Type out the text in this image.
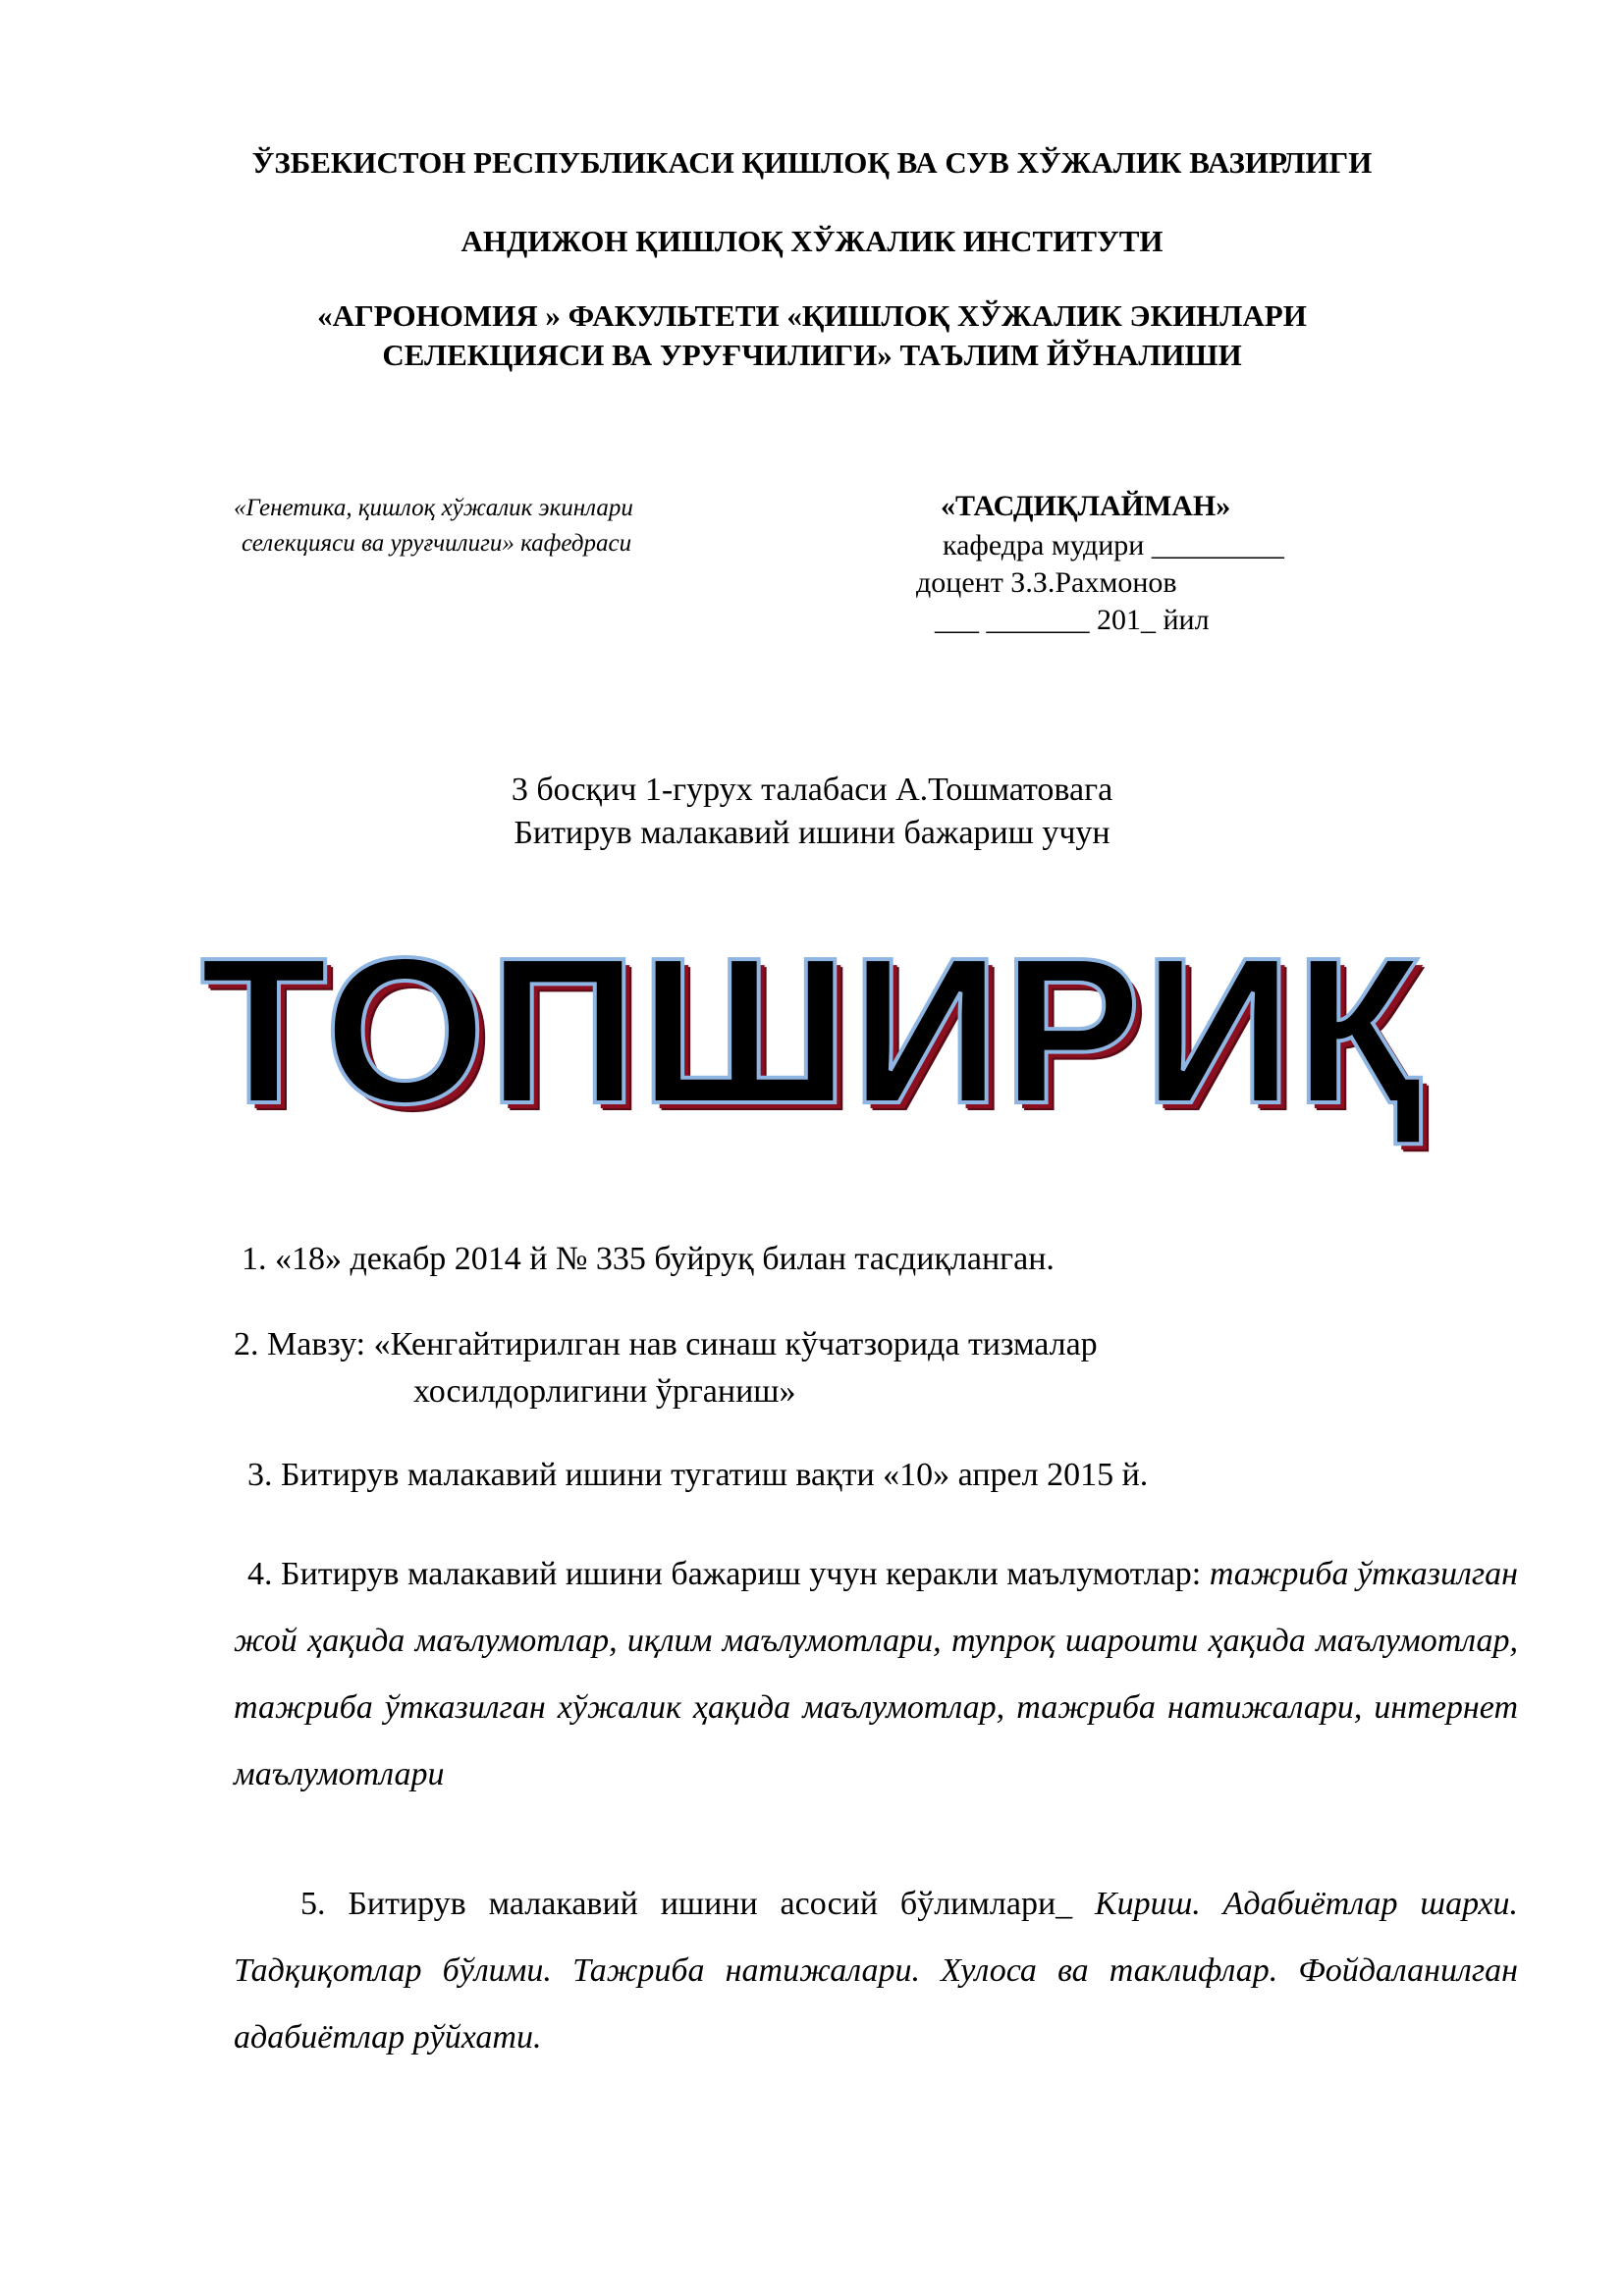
ЎЗБЕКИСТОН РЕСПУБЛИКАСИ ҚИШЛОҚ ВА СУВ ХЎЖАЛИК ВАЗИРЛИГИ
АНДИЖОН ҚИШЛОҚ ХЎЖАЛИК ИНСТИТУТИ
«АГРОНОМИЯ » ФАКУЛЬТЕТИ «ҚИШЛОҚ ХЎЖАЛИК ЭКИНЛАРИ
СЕЛЕКЦИЯСИ ВА УРУҒЧИЛИГИ» ТАЪЛИМ ЙЎНАЛИШИ
«Генетика, қишлоқ хўжалик экинлари
селекцияси ва уруғчилиги» кафедраси
«ТАСДИҚЛАЙМАН»
кафедра мудири _________
доцент З.З.Рахмонов
___ _______ 201_ йил
3 босқич 1-гурух талабаси А.Тошматовага
Битирув малакавий ишини бажариш учун
ТОПШИРИҚ
1. «18» декабр 2014 й № 335 буйруқ билан тасдиқланган.
2. Мавзу: «Кенгайтирилган нав синаш кўчатзорида тизмалар
хосилдорлигини ўрганиш»
3. Битирув малакавий ишини тугатиш вақти «10» апрел 2015 й.
4. Битирув малакавий ишини бажариш учун керакли маълумотлар: тажриба ўтказилган жой ҳақида маълумотлар, иқлим маълумотлари, тупроқ шароити ҳақида маълумотлар, тажриба ўтказилган хўжалик ҳақида маълумотлар, тажриба натижалари, интернет маълумотлари
5. Битирув малакавий ишини асосий бўлимлари_ Кириш. Адабиётлар шархи. Тадқиқотлар бўлими. Тажриба натижалари. Хулоса ва таклифлар. Фойдаланилган адабиётлар рўйхати.
